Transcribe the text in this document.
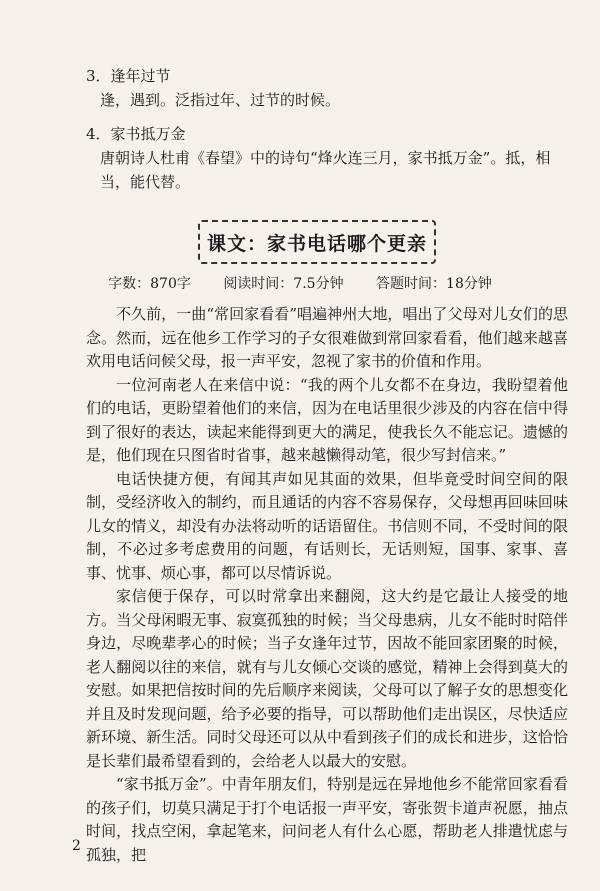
3．逢年过节
逢，遇到。泛指过年、过节的时候。
4．家书抵万金
唐朝诗人杜甫《春望》中的诗句“烽火连三月，家书抵万金”。抵，相当，能代替。
课文：家书电话哪个更亲
字数：870字 阅读时间：7.5分钟 答题时间：18分钟

不久前，一曲“常回家看看”唱遍神州大地，唱出了父母对儿女们的思念。然而，远在他乡工作学习的子女很难做到常回家看看，他们越来越喜欢用电话问候父母，报一声平安，忽视了家书的价值和作用。

一位河南老人在来信中说：“我的两个儿女都不在身边，我盼望着他们的电话，更盼望着他们的来信，因为在电话里很少涉及的内容在信中得到了很好的表达，读起来能得到更大的满足，使我长久不能忘记。遗憾的是，他们现在只图省时省事，越来越懒得动笔，很少写封信来。”

电话快捷方便，有闻其声如见其面的效果，但毕竟受时间空间的限制，受经济收入的制约，而且通话的内容不容易保存，父母想再回味回味儿女的情义，却没有办法将动听的话语留住。书信则不同，不受时间的限制，不必过多考虑费用的问题，有话则长，无话则短，国事、家事、喜事、忧事、烦心事，都可以尽情诉说。

家信便于保存，可以时常拿出来翻阅，这大约是它最让人接受的地方。当父母闲暇无事、寂寞孤独的时候；当父母患病，儿女不能时时陪伴身边，尽晚辈孝心的时候；当子女逢年过节，因故不能回家团聚的时候，老人翻阅以往的来信，就有与儿女倾心交谈的感觉，精神上会得到莫大的安慰。如果把信按时间的先后顺序来阅读，父母可以了解子女的思想变化并且及时发现问题，给予必要的指导，可以帮助他们走出误区，尽快适应新环境、新生活。同时父母还可以从中看到孩子们的成长和进步，这恰恰是长辈们最希望看到的，会给老人以最大的安慰。

“家书抵万金”。中青年朋友们，特别是远在异地他乡不能常回家看看的孩子们，切莫只满足于打个电话报一声平安，寄张贺卡道声祝愿，抽点时间，找点空闲，拿起笔来，问问老人有什么心愿，帮助老人排遣忧虑与孤独，把

2
